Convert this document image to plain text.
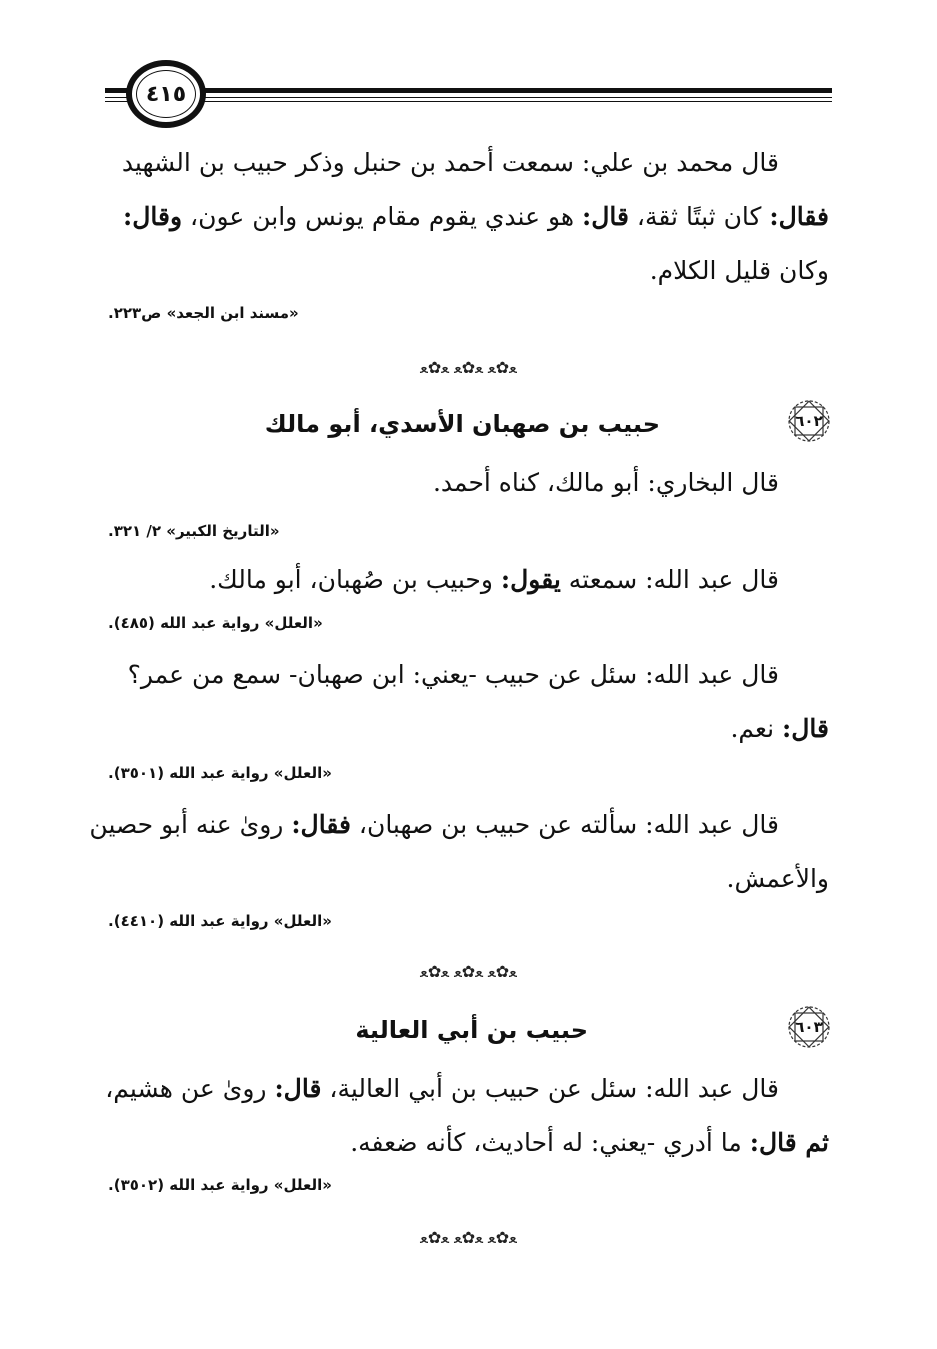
٤١٥
قال محمد بن علي: سمعت أحمد بن حنبل وذكر حبيب بن الشهيد
فقال: كان ثبتًا ثقة، قال: هو عندي يقوم مقام يونس وابن عون، وقال:
وكان قليل الكلام.
«مسند ابن الجعد» ص٢٢٣.
ﻌ✿ﻌ ﻌ✿ﻌ ﻌ✿ﻌ
٦٠٢
حبيب بن صهبان الأسدي، أبو مالك
قال البخاري: أبو مالك، كناه أحمد.
«التاريخ الكبير» ٢/ ٣٢١.
قال عبد الله: سمعته يقول: وحبيب بن صُهبان، أبو مالك.
«العلل» رواية عبد الله (٤٨٥).
قال عبد الله: سئل عن حبيب -يعني: ابن صهبان- سمع من عمر؟
قال: نعم.
«العلل» رواية عبد الله (٣٥٠١).
قال عبد الله: سألته عن حبيب بن صهبان، فقال: روىٰ عنه أبو حصين
والأعمش.
«العلل» رواية عبد الله (٤٤١٠).
ﻌ✿ﻌ ﻌ✿ﻌ ﻌ✿ﻌ
٦٠٣
حبيب بن أبي العالية
قال عبد الله: سئل عن حبيب بن أبي العالية، قال: روىٰ عن هشيم،
ثم قال: ما أدري -يعني: له أحاديث، كأنه ضعفه.
«العلل» رواية عبد الله (٣٥٠٢).
ﻌ✿ﻌ ﻌ✿ﻌ ﻌ✿ﻌ
